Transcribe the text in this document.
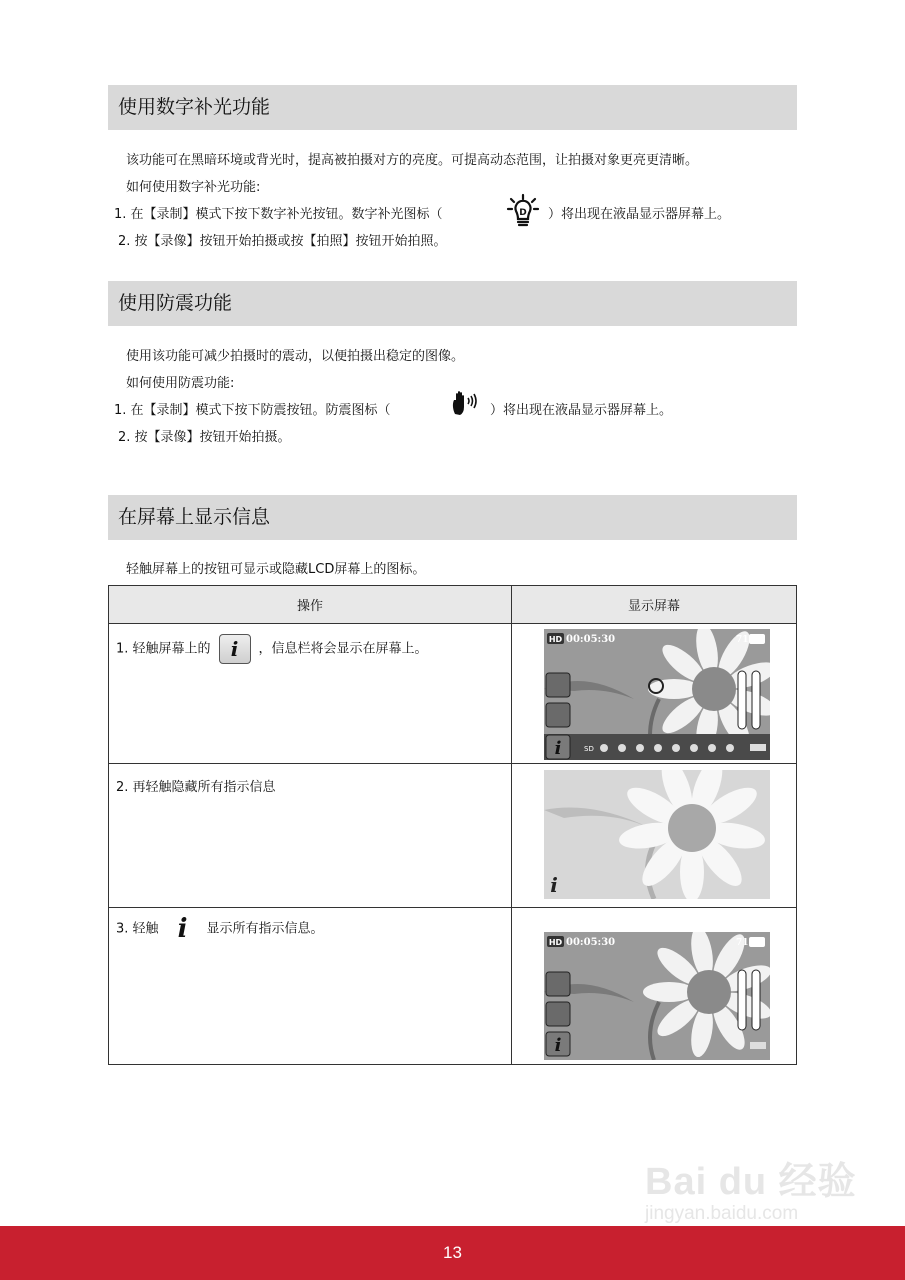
使用数字补光功能
该功能可在黑暗环境或背光时，提高被拍摄对方的亮度。可提高动态范围，让拍摄对象更亮更清晰。
如何使用数字补光功能:
1. 在【录制】模式下按下数字补光按钮。数字补光图标（	D ）将出现在液晶显示器屏幕上。
2. 按【录像】按钮开始拍摄或按【拍照】按钮开始拍照。
使用防震功能
使用该功能可减少拍摄时的震动，以便拍摄出稳定的图像。
如何使用防震功能:
1. 在【录制】模式下按下防震按钮。防震图标（	）将出现在液晶显示器屏幕上。
2. 按【录像】按钮开始拍摄。
在屏幕上显示信息
轻触屏幕上的按钮可显示或隐藏LCD屏幕上的图标。
操作	显示屏幕

1. 轻触屏幕上的 i ，信息栏将会显示在屏幕上。	HD 00:05:30 71
i SD

2. 再轻触隐藏所有指示信息	i

3. 轻触 i 显示所有指示信息。	HD 00:05:30 71
i
Bai du 经验
jingyan.baidu.com
13
